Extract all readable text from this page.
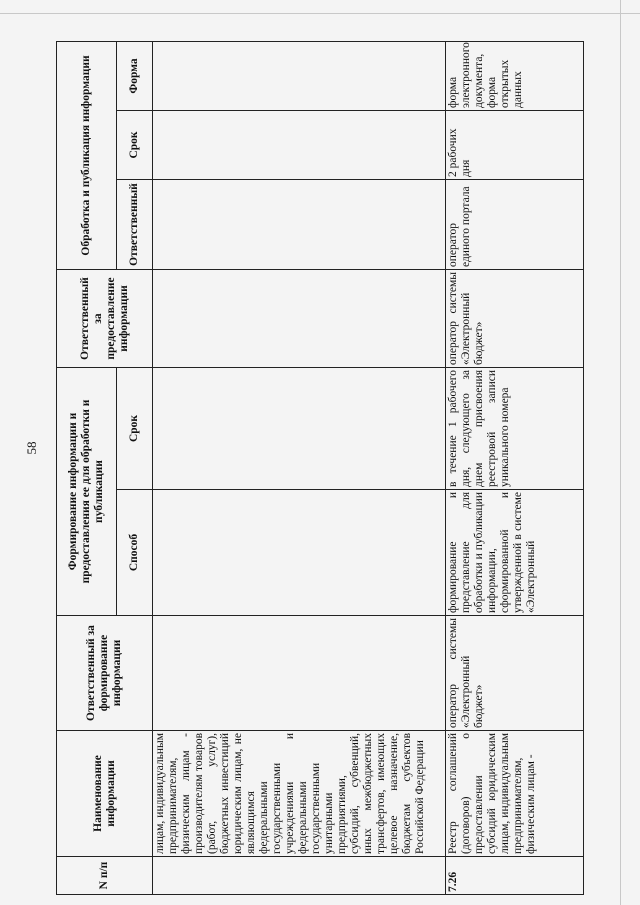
58
N п/п	Наименование информации	Ответственный за формирование информации	Формирование информации и предоставления ее для обработки и публикации		Ответственный за предоставление информации	Обработка и публикация информации		
			Способ	Срок		Ответственный	Срок	Форма
	лицам, индивидуальным предпринимателям, физическим лицам - производителям товаров (работ, услуг), бюджетных инвестиций юридическим лицам, не являющимся федеральными государственными учреждениями и федеральными государственными унитарными предприятиями, субсидий, субвенций, иных межбюджетных трансфертов, имеющих целевое назначение, бюджетам субъектов Российской Федерации							
7.26	Реестр соглашений (договоров) о предоставлении субсидий юридическим лицам, индивидуальным предпринимателям, физическим лицам -	оператор системы «Электронный бюджет»	формирование и представление для обработки и публикации информации, сформированной и утвержденной в системе «Электронный	в течение 1 рабочего дня, следующего за днем присвоения реестровой записи уникального номера	оператор системы «Электронный бюджет»	оператор единого портала	2 рабочих дня	форма электронного документа, форма открытых данных
